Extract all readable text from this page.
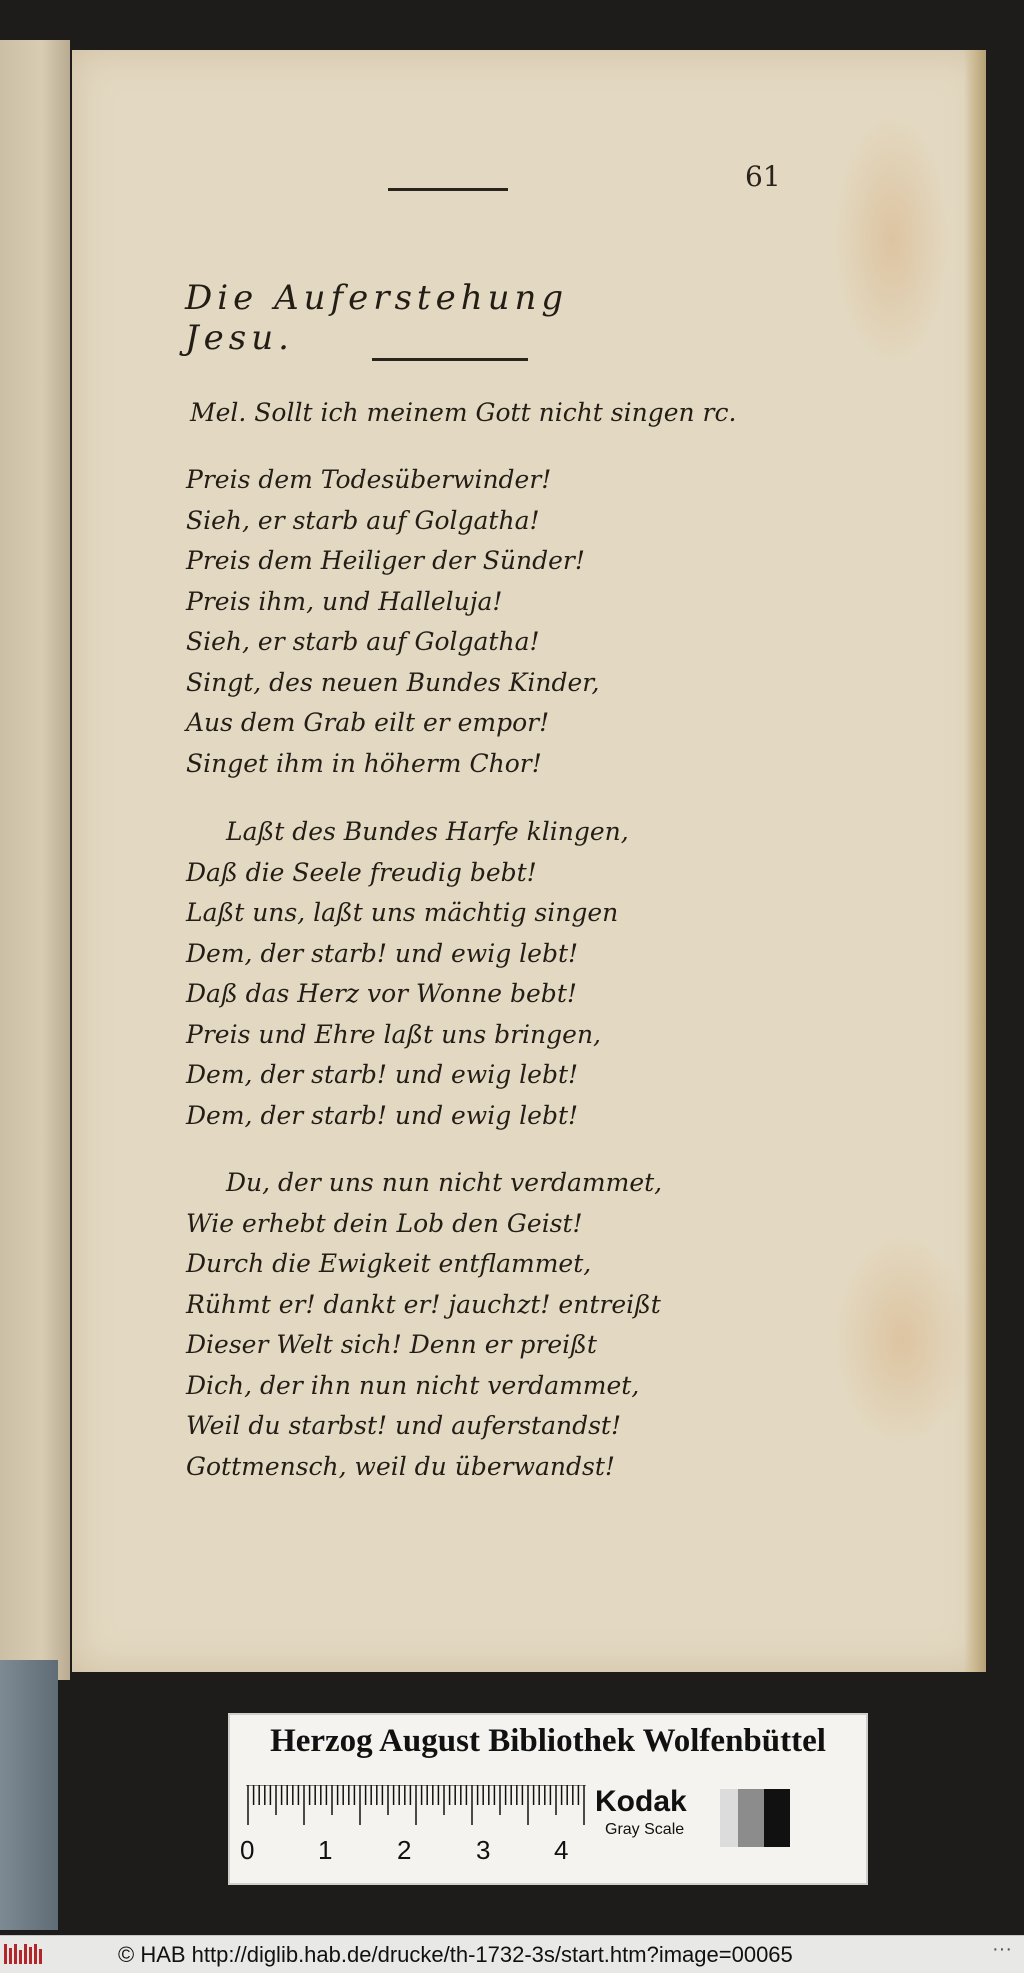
61
Die Auferstehung Jesu.
Mel. Sollt ich meinem Gott nicht singen rc.
Preis dem Todesüberwinder!
Sieh, er starb auf Golgatha!
Preis dem Heiliger der Sünder!
Preis ihm, und Halleluja!
Sieh, er starb auf Golgatha!
Singt, des neuen Bundes Kinder,
Aus dem Grab eilt er empor!
Singet ihm in höherm Chor!
Laßt des Bundes Harfe klingen,
Daß die Seele freudig bebt!
Laßt uns, laßt uns mächtig singen
Dem, der starb! und ewig lebt!
Daß das Herz vor Wonne bebt!
Preis und Ehre laßt uns bringen,
Dem, der starb! und ewig lebt!
Dem, der starb! und ewig lebt!
Du, der uns nun nicht verdammet,
Wie erhebt dein Lob den Geist!
Durch die Ewigkeit entflammet,
Rühmt er! dankt er! jauchzt! entreißt
Dieser Welt sich! Denn er preißt
Dich, der ihn nun nicht verdammet,
Weil du starbst! und auferstandst!
Gottmensch, weil du überwandst!
Herzog August Bibliothek Wolfenbüttel
0 1 2 3 4
Kodak
Gray Scale
© HAB http://diglib.hab.de/drucke/th-1732-3s/start.htm?image=00065	···
